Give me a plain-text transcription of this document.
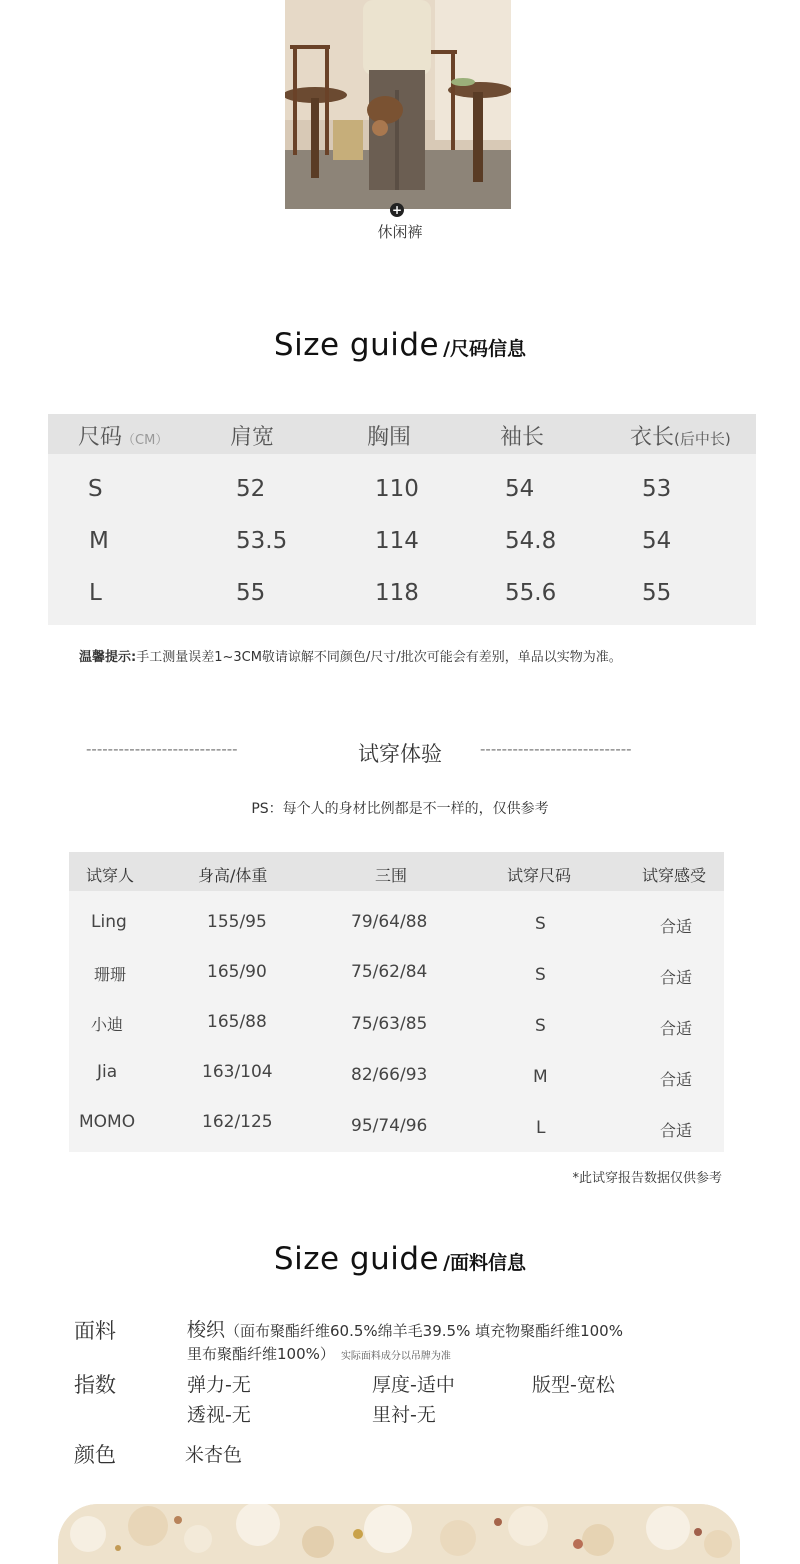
+
休闲裤
Size guide /尺码信息
尺码（CM）	肩宽	胸围	袖长	衣长(后中长)
S	52	110	54	53
M	53.5	114	54.8	54
L	55	118	55.6	55
温馨提示:手工测量误差1~3CM敬请谅解不同颜色/尺寸/批次可能会有差别，单品以实物为准。
----------------------------	试穿体验	----------------------------
PS：每个人的身材比例都是不一样的，仅供参考
试穿人	身高/体重	三围	试穿尺码	试穿感受
Ling	155/95	79/64/88	S	合适
珊珊	165/90	75/62/84	S	合适
小迪	165/88	75/63/85	S	合适
Jia	163/104	82/66/93	M	合适
MOMO	162/125	95/74/96	L	合适
*此试穿报告数据仅供参考
Size guide /面料信息
面料	梭织（面布聚酯纤维60.5%绵羊毛39.5% 填充物聚酯纤维100%
里布聚酯纤维100%） 实际面料成分以吊牌为准
指数	弹力-无	厚度-适中	版型-宽松
透视-无	里衬-无
颜色	米杏色
